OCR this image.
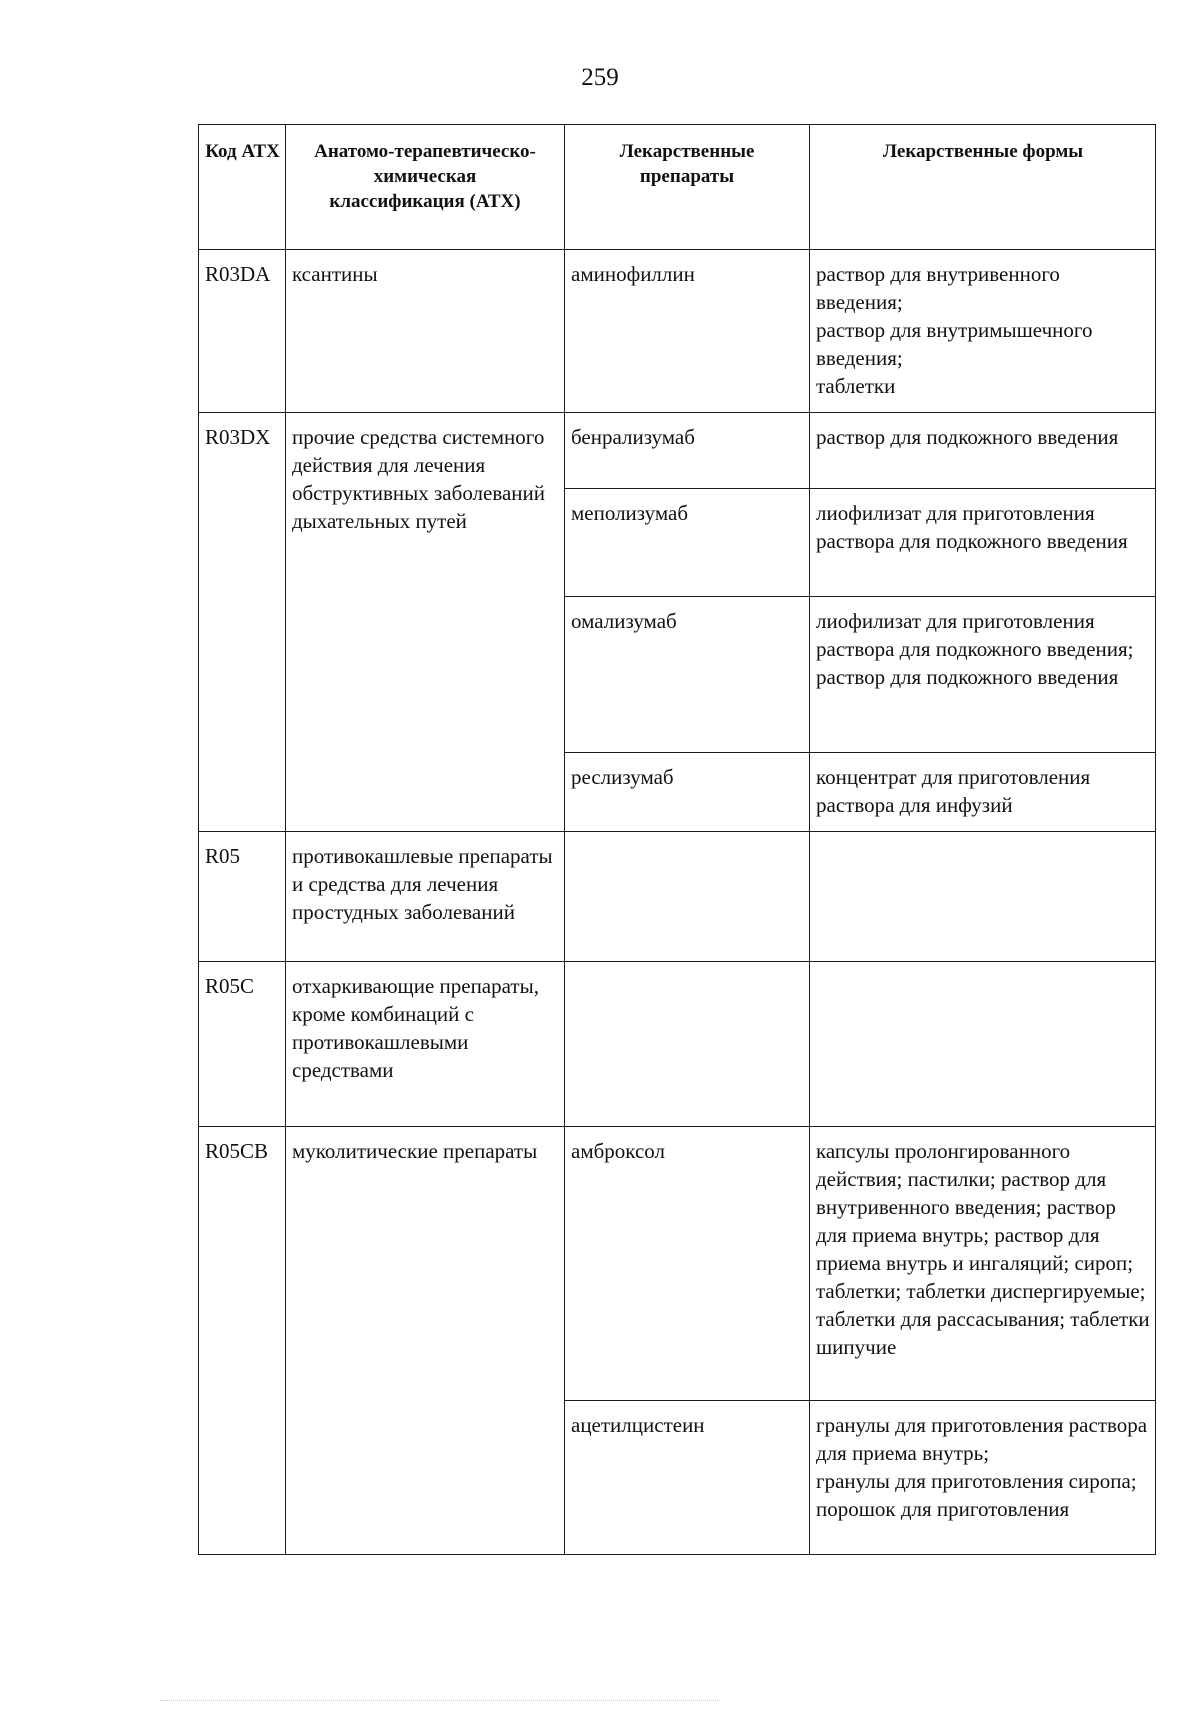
259
Код АТХ	Анатомо-терапевтическо-химическая классификация (АТХ)	Лекарственные препараты	Лекарственные формы
R03DA	ксантины	аминофиллин	раствор для внутривенного введения;
раствор для внутримышечного введения;
таблетки

R03DX	прочие средства системного действия для лечения обструктивных заболеваний дыхательных путей	бенрализумаб	раствор для подкожного введения

		меполизумаб	лиофилизат для приготовления раствора для подкожного введения

		омализумаб	лиофилизат для приготовления раствора для подкожного введения;
раствор для подкожного введения

		реслизумаб	концентрат для приготовления раствора для инфузий

R05	противокашлевые препараты и средства для лечения простудных заболеваний		
R05C	отхаркивающие препараты, кроме комбинаций с противокашлевыми средствами		
R05CB	муколитические препараты	амброксол	капсулы пролонгированного действия; пастилки; раствор для внутривенного введения; раствор для приема внутрь; раствор для приема внутрь и ингаляций; сироп; таблетки; таблетки диспергируемые; таблетки для рассасывания; таблетки шипучие

		ацетилцистеин	гранулы для приготовления раствора для приема внутрь;
гранулы для приготовления сиропа;
порошок для приготовления
